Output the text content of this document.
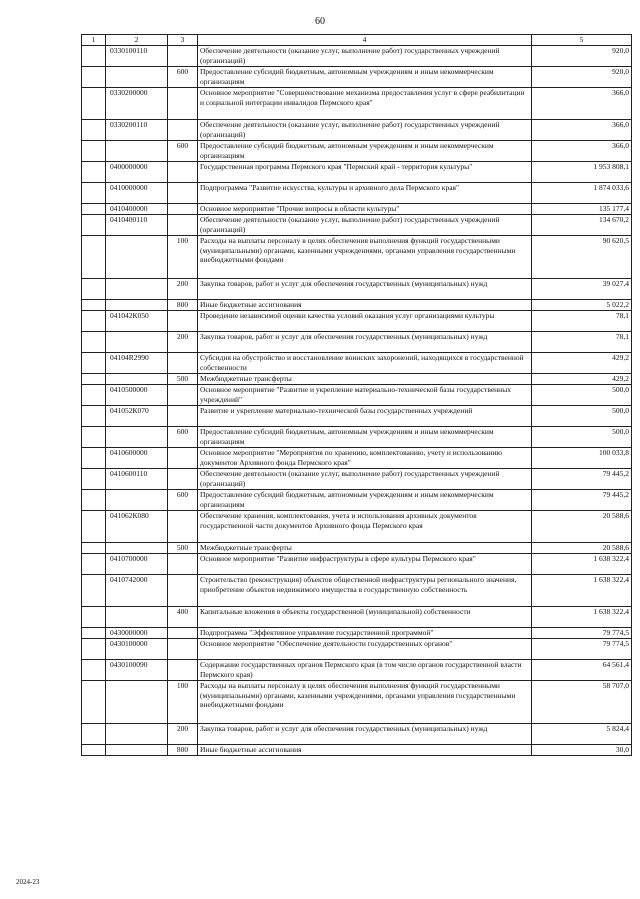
60
1	2	3	4	5
	0330100110		Обеспечение деятельности (оказание услуг, выполнение работ) государственных учреждений (организаций)	920,0
		600	Предоставление субсидий бюджетным, автономным учреждениям и иным некоммерческим организациям	920,0
	0330200000		Основное мероприятие "Совершенствование механизма предоставления услуг в сфере реабилитации и социальной интеграции инвалидов Пермского края"	366,0
	0330200110		Обеспечение деятельности (оказание услуг, выполнение работ) государственных учреждений (организаций)	366,0
		600	Предоставление субсидий бюджетным, автономным учреждениям и иным некоммерческим организациям	366,0
	0400000000		Государственная программа Пермского края "Пермский край - территория культуры"	1 953 808,1
	0410000000		Подпрограмма "Развитие искусства, культуры и архивного дела Пермского края"	1 874 033,6
	0410400000		Основное мероприятие "Прочие вопросы в области культуры"	135 177,4
	0410400110		Обеспечение деятельности (оказание услуг, выполнение работ) государственных учреждений (организаций)	134 670,2
		100	Расходы на выплаты персоналу в целях обеспечения выполнения функций государственными (муниципальными) органами, казенными учреждениями, органами управления государственными внебюджетными фондами	90 620,5
		200	Закупка товаров, работ и услуг для обеспечения государственных (муниципальных) нужд	39 027,4
		800	Иные бюджетные ассигнования	5 022,2
	041042К050		Проведение независимой оценки качества условий оказания услуг организациями культуры	78,1
		200	Закупка товаров, работ и услуг для обеспечения государственных (муниципальных) нужд	78,1
	04104R2990		Субсидия на обустройство и восстановление воинских захоронений, находящихся в государственной собственности	429,2
		500	Межбюджетные трансферты	429,2
	0410500000		Основное мероприятие "Развитие и укрепление материально-технической базы государственных учреждений"	500,0
	041052К070		Развитие и укрепление материально-технической базы государственных учреждений	500,0
		600	Предоставление субсидий бюджетным, автономным учреждениям и иным некоммерческим организациям	500,0
	0410600000		Основное мероприятие "Мероприятия по хранению, комплектованию, учету и использованию документов Архивного фонда Пермского края"	100 033,8
	0410600110		Обеспечение деятельности (оказание услуг, выполнение работ) государственных учреждений (организаций)	79 445,2
		600	Предоставление субсидий бюджетным, автономным учреждениям и иным некоммерческим организациям	79 445,2
	041062К080		Обеспечение хранения, комплектования, учета и использования архивных документов государственной части документов Архивного фонда Пермского края	20 588,6
		500	Межбюджетные трансферты	20 588,6
	0410700000		Основное мероприятие "Развитие инфраструктуры в сфере культуры Пермского края"	1 638 322,4
	0410742000		Строительство (реконструкция) объектов общественной инфраструктуры регионального значения, приобретение объектов недвижимого имущества в государственную собственность	1 638 322,4
		400	Капитальные вложения в объекты государственной (муниципальной) собственности	1 638 322,4
	0430000000		Подпрограмма "Эффективное управление государственной программой"	79 774,5
	0430100000		Основное мероприятие "Обеспечение деятельности государственных органов"	79 774,5
	0430100090		Содержание государственных органов Пермского края (в том числе органов государственной власти Пермского края)	64 561,4
		100	Расходы на выплаты персоналу в целях обеспечения выполнения функций государственными (муниципальными) органами, казенными учреждениями, органами управления государственными внебюджетными фондами	58 707,0
		200	Закупка товаров, работ и услуг для обеспечения государственных (муниципальных) нужд	5 824,4
		800	Иные бюджетные ассигнования	30,0
2024-23
